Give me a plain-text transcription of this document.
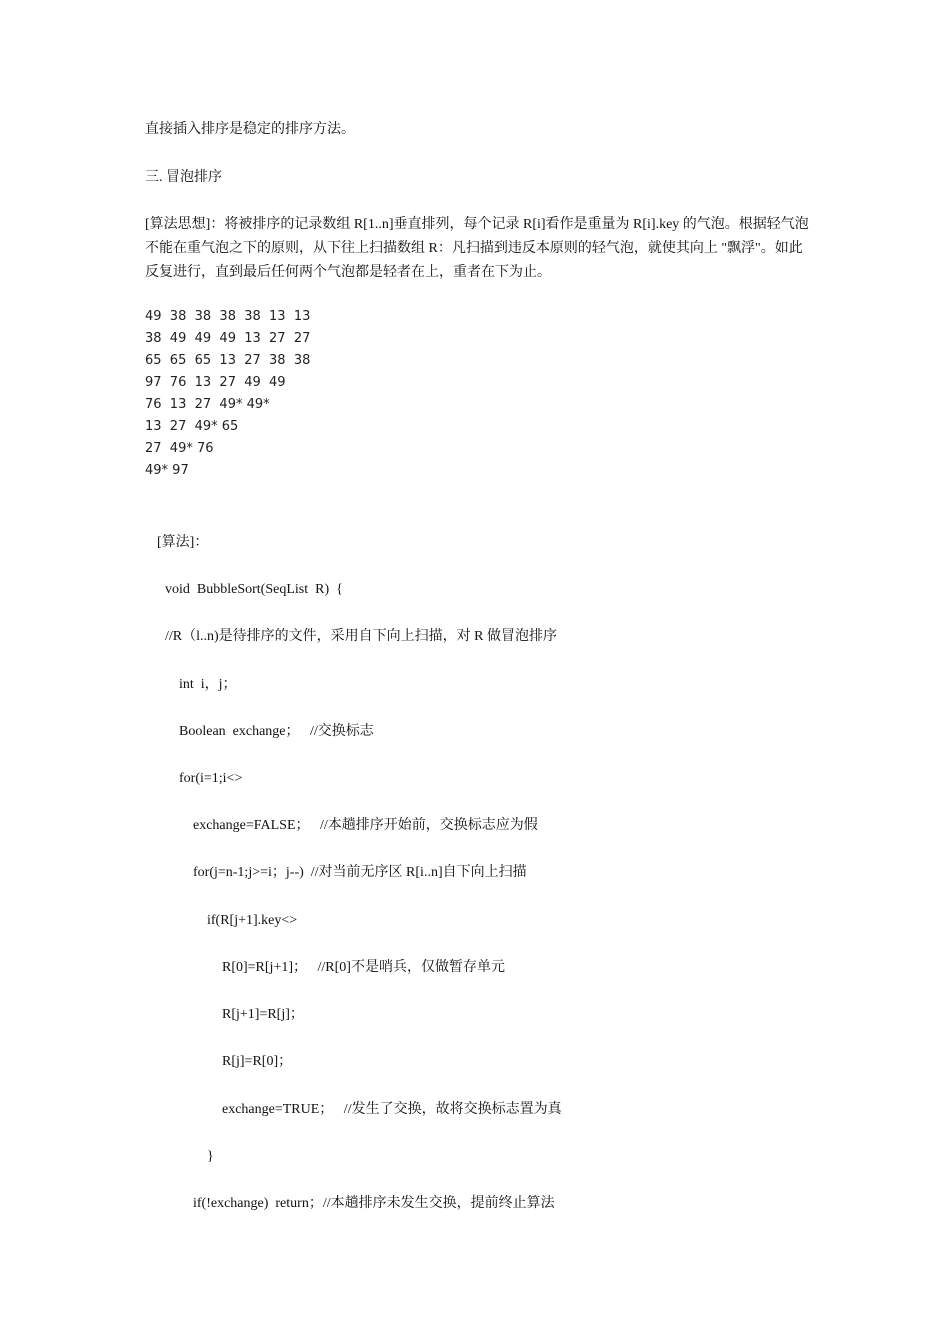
直接插入排序是稳定的排序方法。
三. 冒泡排序
[算法思想]：将被排序的记录数组 R[1..n]垂直排列，每个记录 R[i]看作是重量为 R[i].key 的气泡。根据轻气泡不能在重气泡之下的原则，从下往上扫描数组 R：凡扫描到违反本原则的轻气泡，就使其向上 "飘浮"。如此反复进行，直到最后任何两个气泡都是轻者在上，重者在下为止。
49  38  38  38  38  13  13
38  49  49  49  13  27  27
65  65  65  13  27  38  38
97  76  13  27  49  49
76  13  27  49* 49*
13  27  49* 65
27  49* 76
49* 97
[算法]：
void  BubbleSort(SeqList  R)  {
//R（l..n)是待排序的文件，采用自下向上扫描，对 R 做冒泡排序
int  i，j；
Boolean  exchange；   //交换标志
for(i=1;i<>
exchange=FALSE；   //本趟排序开始前，交换标志应为假
for(j=n-1;j>=i；j--)  //对当前无序区 R[i..n]自下向上扫描
if(R[j+1].key<>
R[0]=R[j+1]；   //R[0]不是哨兵，仅做暂存单元
R[j+1]=R[j]；
R[j]=R[0]；
exchange=TRUE；   //发生了交换，故将交换标志置为真
}
if(!exchange)  return；//本趟排序未发生交换，提前终止算法
